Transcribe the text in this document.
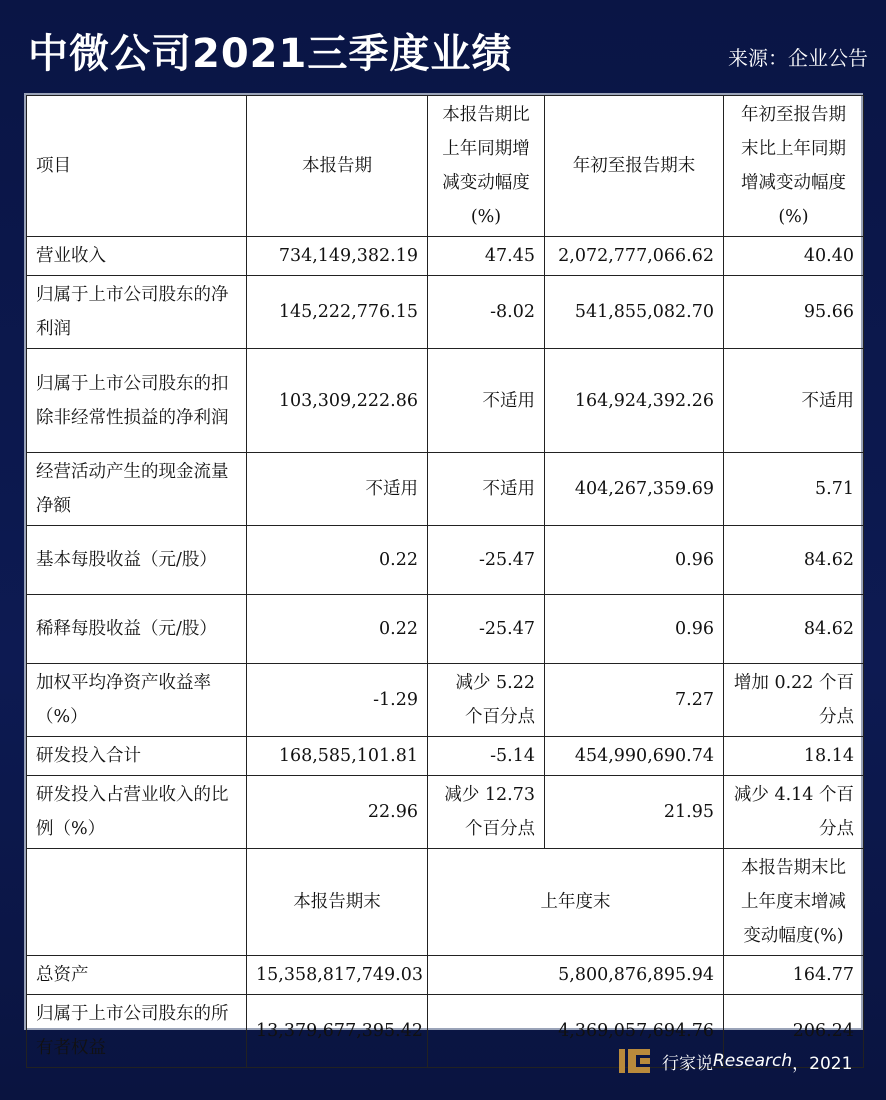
中微公司2021三季度业绩	来源：企业公告
项目	本报告期	本报告期比上年同期增减变动幅度(%)	年初至报告期末	年初至报告期末比上年同期增减变动幅度(%)
营业收入	734,149,382.19	47.45	2,072,777,066.62	40.40
归属于上市公司股东的净利润	145,222,776.15	-8.02	541,855,082.70	95.66
归属于上市公司股东的扣除非经常性损益的净利润	103,309,222.86	不适用	164,924,392.26	不适用
经营活动产生的现金流量净额	不适用	不适用	404,267,359.69	5.71
基本每股收益（元/股）	0.22	-25.47	0.96	84.62
稀释每股收益（元/股）	0.22	-25.47	0.96	84.62
加权平均净资产收益率（%）	-1.29	减少 5.22 个百分点	7.27	增加 0.22 个百分点
研发投入合计	168,585,101.81	-5.14	454,990,690.74	18.14
研发投入占营业收入的比例（%）	22.96	减少 12.73 个百分点	21.95	减少 4.14 个百分点
	本报告期末	上年度末		本报告期末比上年度末增减变动幅度(%)
总资产	15,358,817,749.03	5,800,876,895.94		164.77
归属于上市公司股东的所有者权益	13,379,677,395.42	4,369,057,694.76		206.24
行家说 Research ，2021
